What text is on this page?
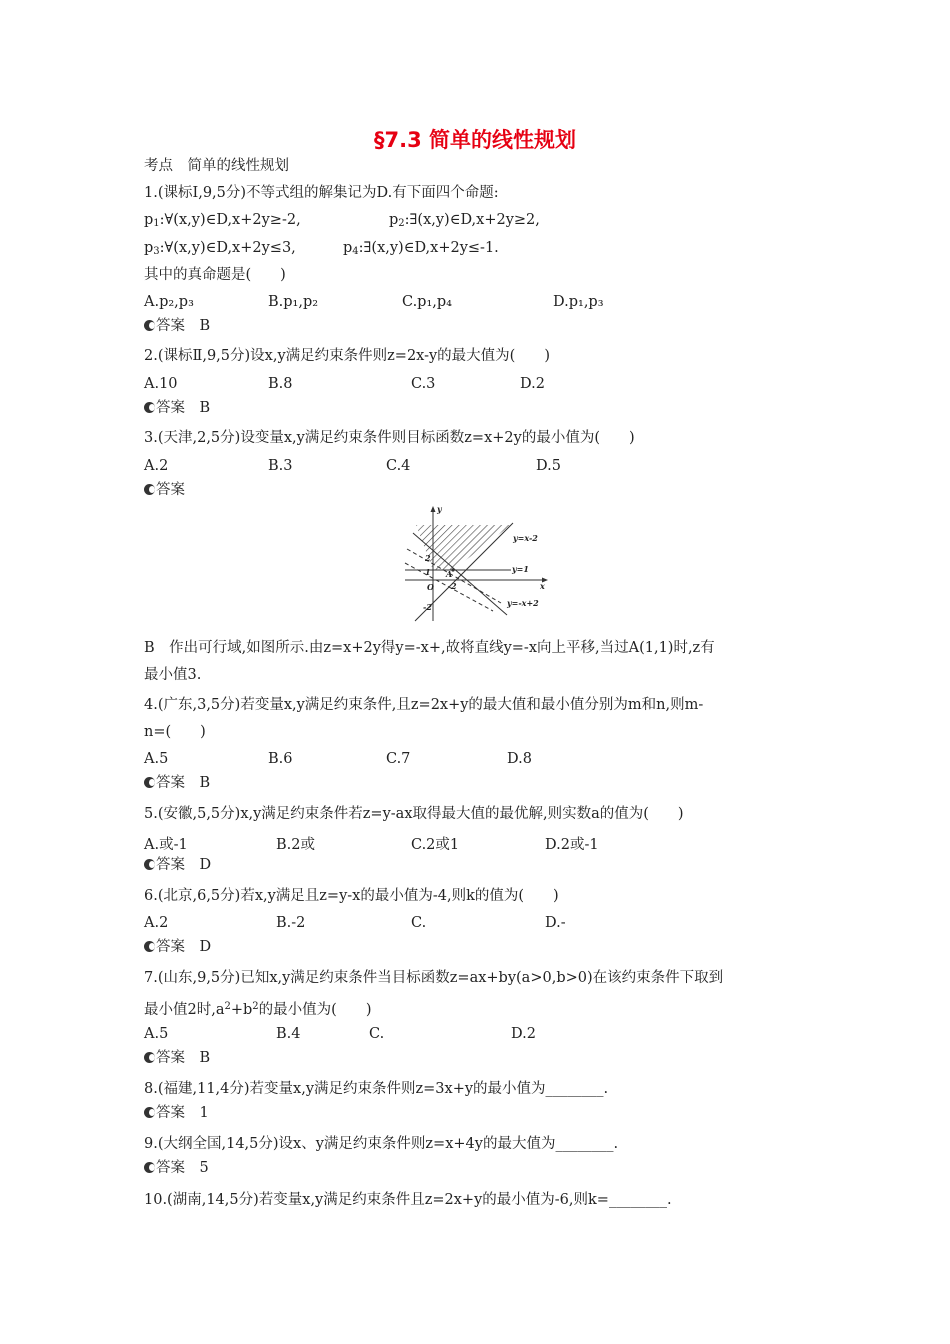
§7.3 简单的线性规划
考点　简单的线性规划
1.(课标Ⅰ,9,5分)不等式组的解集记为D.有下面四个命题:
$p_1:\forall(x,y)\in D,x+2y\ge-2$,	$p_2:\exists(x,y)\in D,x+2y\ge 2$,
$p_3:\forall(x,y)\in D,x+2y\le 3$,	$p_4:\exists(x,y)\in D,x+2y\le-1$.
其中的真命题是(　　)
A.p₂,p₃	B.p₁,p₂	C.p₁,p₄	D.p₁,p₃
答案　B
2.(课标Ⅱ,9,5分)设x,y满足约束条件则z=2x-y的最大值为(　　)
A.10	B.8	C.3	D.2
答案　B
3.(天津,2,5分)设变量x,y满足约束条件则目标函数z=x+2y的最小值为(　　)
A.2	B.3	C.4	D.5
答案
y
x
O
y=x-2
y=1
y=-x+2
A
2
1
-2
2
B　作出可行域,如图所示.由z=x+2y得y=-x+,故将直线y=-x向上平移,当过A(1,1)时,z有
最小值3.
4.(广东,3,5分)若变量x,y满足约束条件,且z=2x+y的最大值和最小值分别为m和n,则m-
n=(　　)
A.5	B.6	C.7	D.8
答案　B
5.(安徽,5,5分)x,y满足约束条件若z=y-ax取得最大值的最优解,则实数a的值为(　　)
A.或-1	B.2或	C.2或1	D.2或-1
答案　D
6.(北京,6,5分)若x,y满足且z=y-x的最小值为-4,则k的值为(　　)
A.2	B.-2	C.	D.-
答案　D
7.(山东,9,5分)已知x,y满足约束条件当目标函数z=ax+by(a>0,b>0)在该约束条件下取到
最小值2时$,a^2+b^2$的最小值为(　　)
A.5	B.4	C.	D.2
答案　B
8.(福建,11,4分)若变量x,y满足约束条件则z=3x+y的最小值为________.
答案　1
9.(大纲全国,14,5分)设x、y满足约束条件则z=x+4y的最大值为________.
答案　5
10.(湖南,14,5分)若变量x,y满足约束条件且z=2x+y的最小值为-6,则k=________.
